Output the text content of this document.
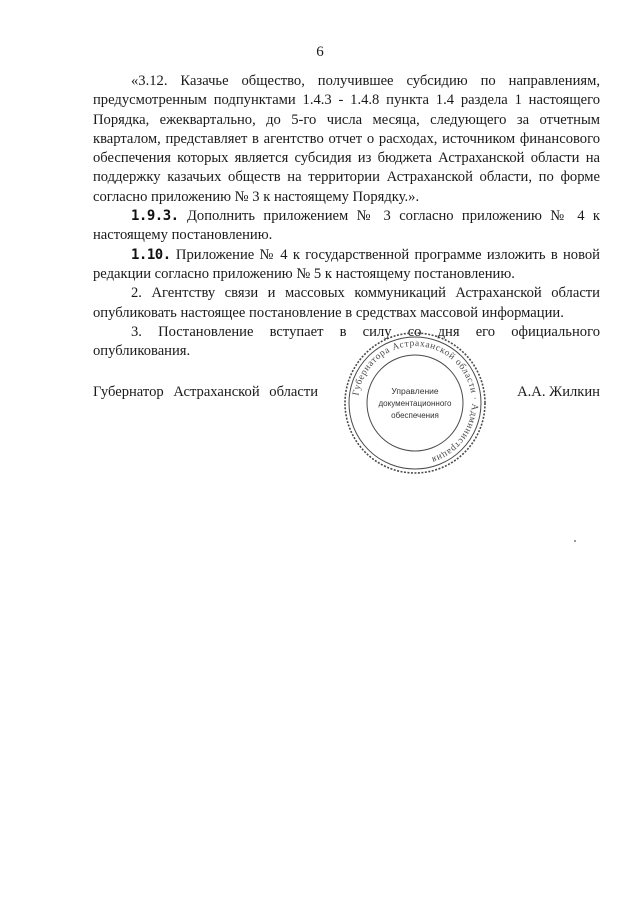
6

«3.12. Казачье общество, получившее субсидию по направлениям, предусмотренным подпунктами 1.4.3 - 1.4.8 пункта 1.4 раздела 1 настоящего Порядка, ежеквартально, до 5-го числа месяца, следующего за отчетным кварталом, представляет в агентство отчет о расходах, источником финансового обеспечения которых является субсидия из бюджета Астраханской области на поддержку казачьих обществ на территории Астраханской области, по форме согласно приложению № 3 к настоящему Порядку.».

1.9.3. Дополнить приложением № 3 согласно приложению № 4 к настоящему постановлению.

1.10. Приложение № 4 к государственной программе изложить в новой редакции согласно приложению № 5 к настоящему постановлению.

2. Агентству связи и массовых коммуникаций Астраханской области опубликовать настоящее постановление в средствах массовой информации.

3. Постановление вступает в силу со дня его официального опубликования.

Губернатор Астраханской области	А.А. Жилкин
Губернатора Астраханской области · Администрация
Управление
документационного
обеспечения
